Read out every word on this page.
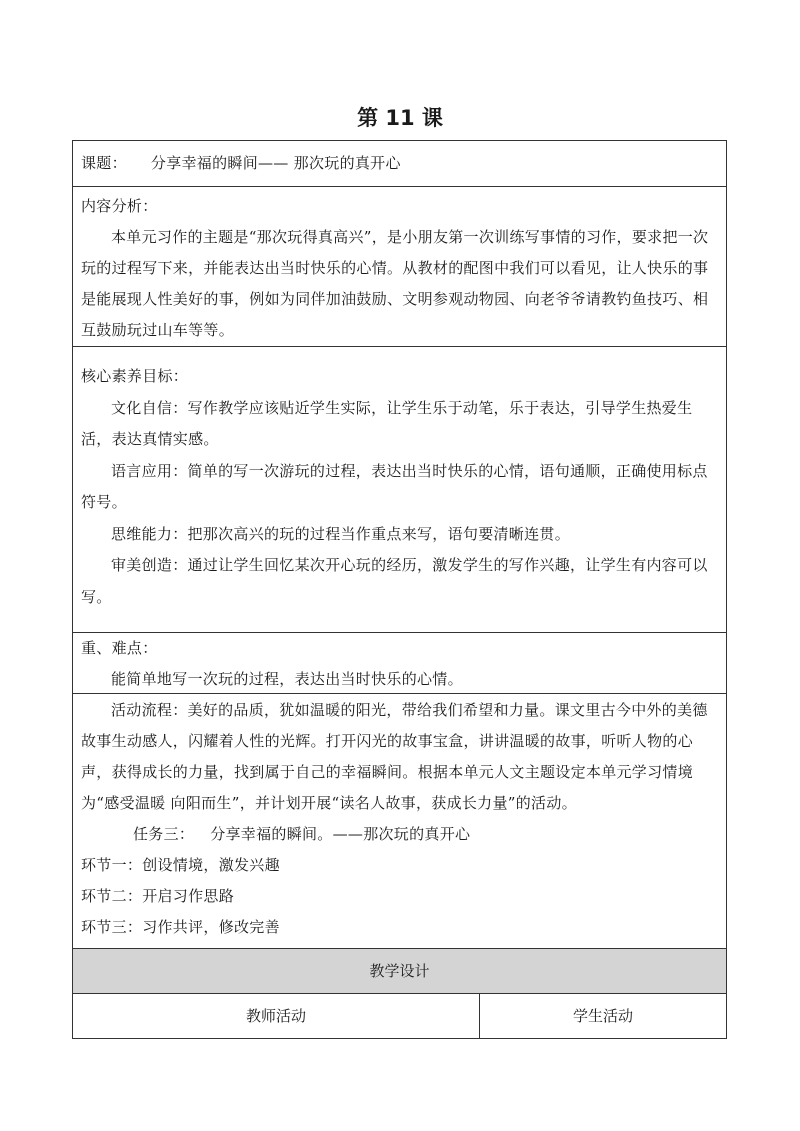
第 11 课
课题： 分享幸福的瞬间—— 那次玩的真开心
内容分析：
本单元习作的主题是“那次玩得真高兴”，是小朋友第一次训练写事情的习作，要求把一次玩的过程写下来，并能表达出当时快乐的心情。从教材的配图中我们可以看见，让人快乐的事是能展现人性美好的事，例如为同伴加油鼓励、文明参观动物园、向老爷爷请教钓鱼技巧、相互鼓励玩过山车等等。
核心素养目标：
文化自信：写作教学应该贴近学生实际，让学生乐于动笔，乐于表达，引导学生热爱生活，表达真情实感。
语言应用：简单的写一次游玩的过程，表达出当时快乐的心情，语句通顺，正确使用标点符号。
思维能力：把那次高兴的玩的过程当作重点来写，语句要清晰连贯。
审美创造：通过让学生回忆某次开心玩的经历，激发学生的写作兴趣，让学生有内容可以写。
重、难点：
能简单地写一次玩的过程，表达出当时快乐的心情。
活动流程：美好的品质，犹如温暖的阳光，带给我们希望和力量。课文里古今中外的美德故事生动感人，闪耀着人性的光辉。打开闪光的故事宝盒，讲讲温暖的故事，听听人物的心声，获得成长的力量，找到属于自己的幸福瞬间。根据本单元人文主题设定本单元学习情境为“感受温暖 向阳而生”，并计划开展“读名人故事，获成长力量”的活动。
任务三： 分享幸福的瞬间。——那次玩的真开心
环节一：创设情境，激发兴趣
环节二：开启习作思路
环节三：习作共评，修改完善
教学设计
教师活动	学生活动
